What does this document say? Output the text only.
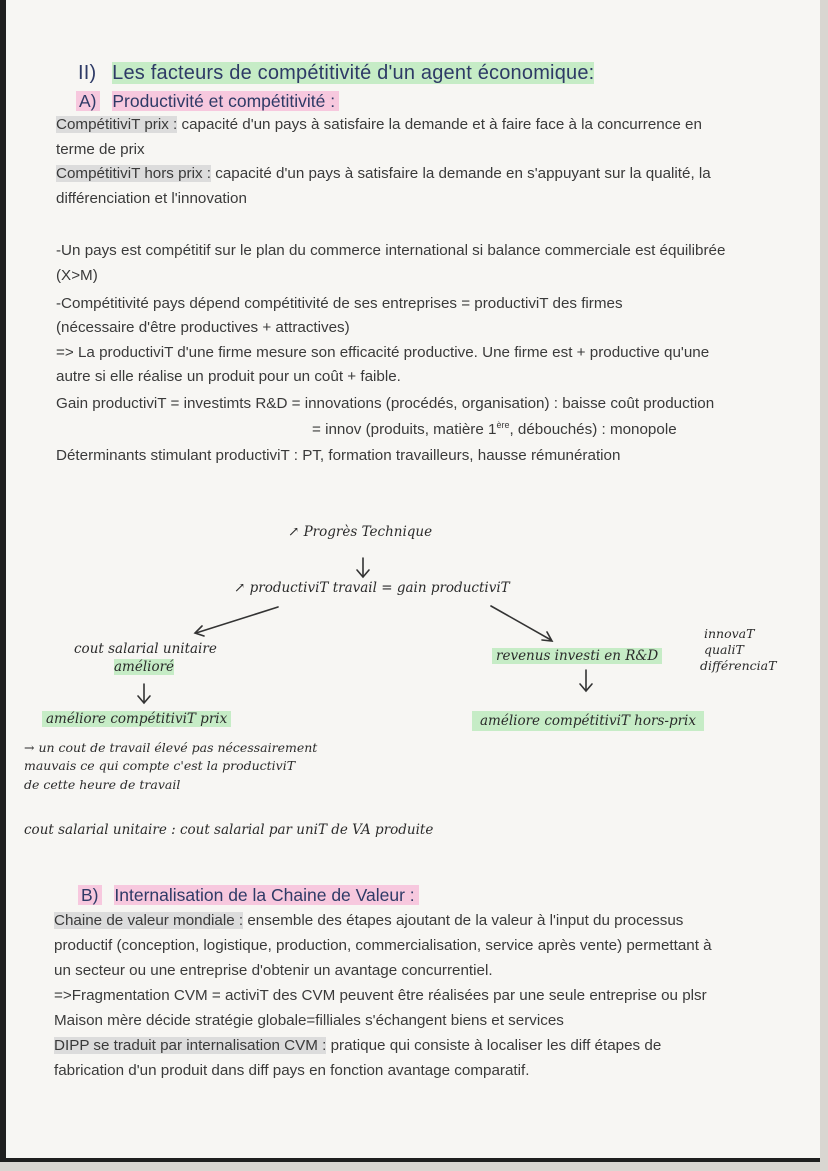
II) Les facteurs de compétitivité d'un agent économique:
A) Productivité et compétitivité :
CompétitiviT prix : capacité d'un pays à satisfaire la demande et à faire face à la concurrence en
terme de prix
CompétitiviT hors prix : capacité d'un pays à satisfaire la demande en s'appuyant sur la qualité, la
différenciation et l'innovation
-Un pays est compétitif sur le plan du commerce international si balance commerciale est équilibrée
(X>M)
-Compétitivité pays dépend compétitivité de ses entreprises = productiviT des firmes
(nécessaire d'être productives + attractives)
=> La productiviT d'une firme mesure son efficacité productive. Une firme est + productive qu'une
autre si elle réalise un produit pour un coût + faible.
Gain productiviT = investimts R&D = innovations (procédés, organisation) : baisse coût production
= innov (produits, matière 1ère, débouchés) : monopole
Déterminants stimulant productiviT : PT, formation travailleurs, hausse rémunération
↗ Progrès Technique
↗ productiviT travail = gain productiviT
cout salarial unitaire
amélioré
améliore compétitiviT prix
revenus investi en R&D
innovaT
qualiT
différenciaT
améliore compétitiviT hors-prix
→ un cout de travail élevé pas nécessairement
mauvais ce qui compte c'est la productiviT
de cette heure de travail
cout salarial unitaire : cout salarial par uniT de VA produite
B) Internalisation de la Chaine de Valeur :
Chaine de valeur mondiale : ensemble des étapes ajoutant de la valeur à l'input du processus
productif (conception, logistique, production, commercialisation, service après vente) permettant à
un secteur ou une entreprise d'obtenir un avantage concurrentiel.
=>Fragmentation CVM = activiT des CVM peuvent être réalisées par une seule entreprise ou plsr
Maison mère décide stratégie globale=filliales s'échangent biens et services
DIPP se traduit par internalisation CVM : pratique qui consiste à localiser les diff étapes de
fabrication d'un produit dans diff pays en fonction avantage comparatif.
